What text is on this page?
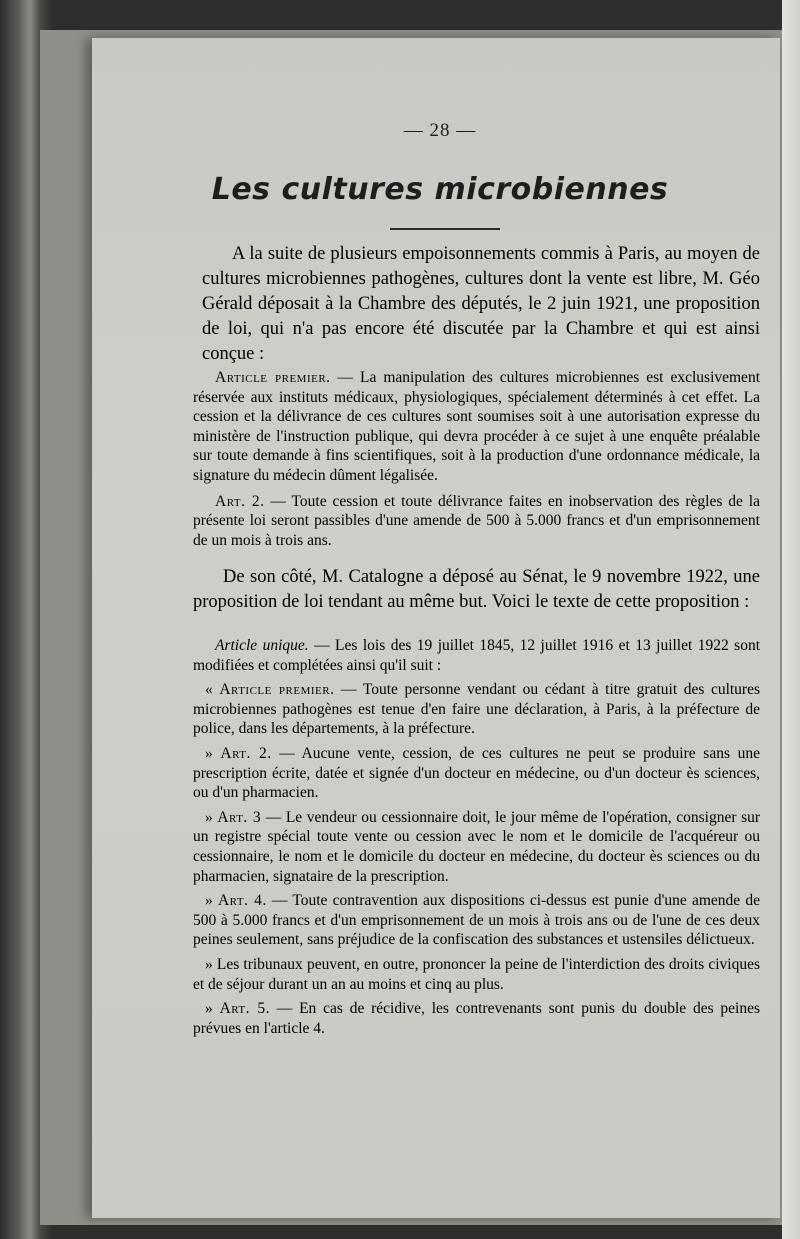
— 28 —
Les cultures microbiennes

A la suite de plusieurs empoisonnements commis à Paris, au moyen de cultures microbiennes pathogènes, cultures dont la vente est libre, M. Géo Gérald déposait à la Chambre des députés, le 2 juin 1921, une proposition de loi, qui n'a pas encore été discutée par la Chambre et qui est ainsi conçue :

Article premier. — La manipulation des cultures microbiennes est exclusivement réservée aux instituts médicaux, physiologiques, spécialement déterminés à cet effet. La cession et la délivrance de ces cultures sont soumises soit à une autorisation expresse du ministère de l'instruction publique, qui devra procéder à ce sujet à une enquête préalable sur toute demande à fins scientifiques, soit à la production d'une ordonnance médicale, la signature du médecin dûment légalisée.

Art. 2. — Toute cession et toute délivrance faites en inobservation des règles de la présente loi seront passibles d'une amende de 500 à 5.000 francs et d'un emprisonnement de un mois à trois ans.

De son côté, M. Catalogne a déposé au Sénat, le 9 novembre 1922, une proposition de loi tendant au même but. Voici le texte de cette proposition :

Article unique. — Les lois des 19 juillet 1845, 12 juillet 1916 et 13 juillet 1922 sont modifiées et complétées ainsi qu'il suit :

« Article premier. — Toute personne vendant ou cédant à titre gratuit des cultures microbiennes pathogènes est tenue d'en faire une déclaration, à Paris, à la préfecture de police, dans les départements, à la préfecture.

» Art. 2. — Aucune vente, cession, de ces cultures ne peut se produire sans une prescription écrite, datée et signée d'un docteur en médecine, ou d'un docteur ès sciences, ou d'un pharmacien.

» Art. 3 — Le vendeur ou cessionnaire doit, le jour même de l'opération, consigner sur un registre spécial toute vente ou cession avec le nom et le domicile de l'acquéreur ou cessionnaire, le nom et le domicile du docteur en médecine, du docteur ès sciences ou du pharmacien, signataire de la prescription.

» Art. 4. — Toute contravention aux dispositions ci-dessus est punie d'une amende de 500 à 5.000 francs et d'un emprisonnement de un mois à trois ans ou de l'une de ces deux peines seulement, sans préjudice de la confiscation des substances et ustensiles délictueux.

» Les tribunaux peuvent, en outre, prononcer la peine de l'interdiction des droits civiques et de séjour durant un an au moins et cinq au plus.

» Art. 5. — En cas de récidive, les contrevenants sont punis du double des peines prévues en l'article 4.
